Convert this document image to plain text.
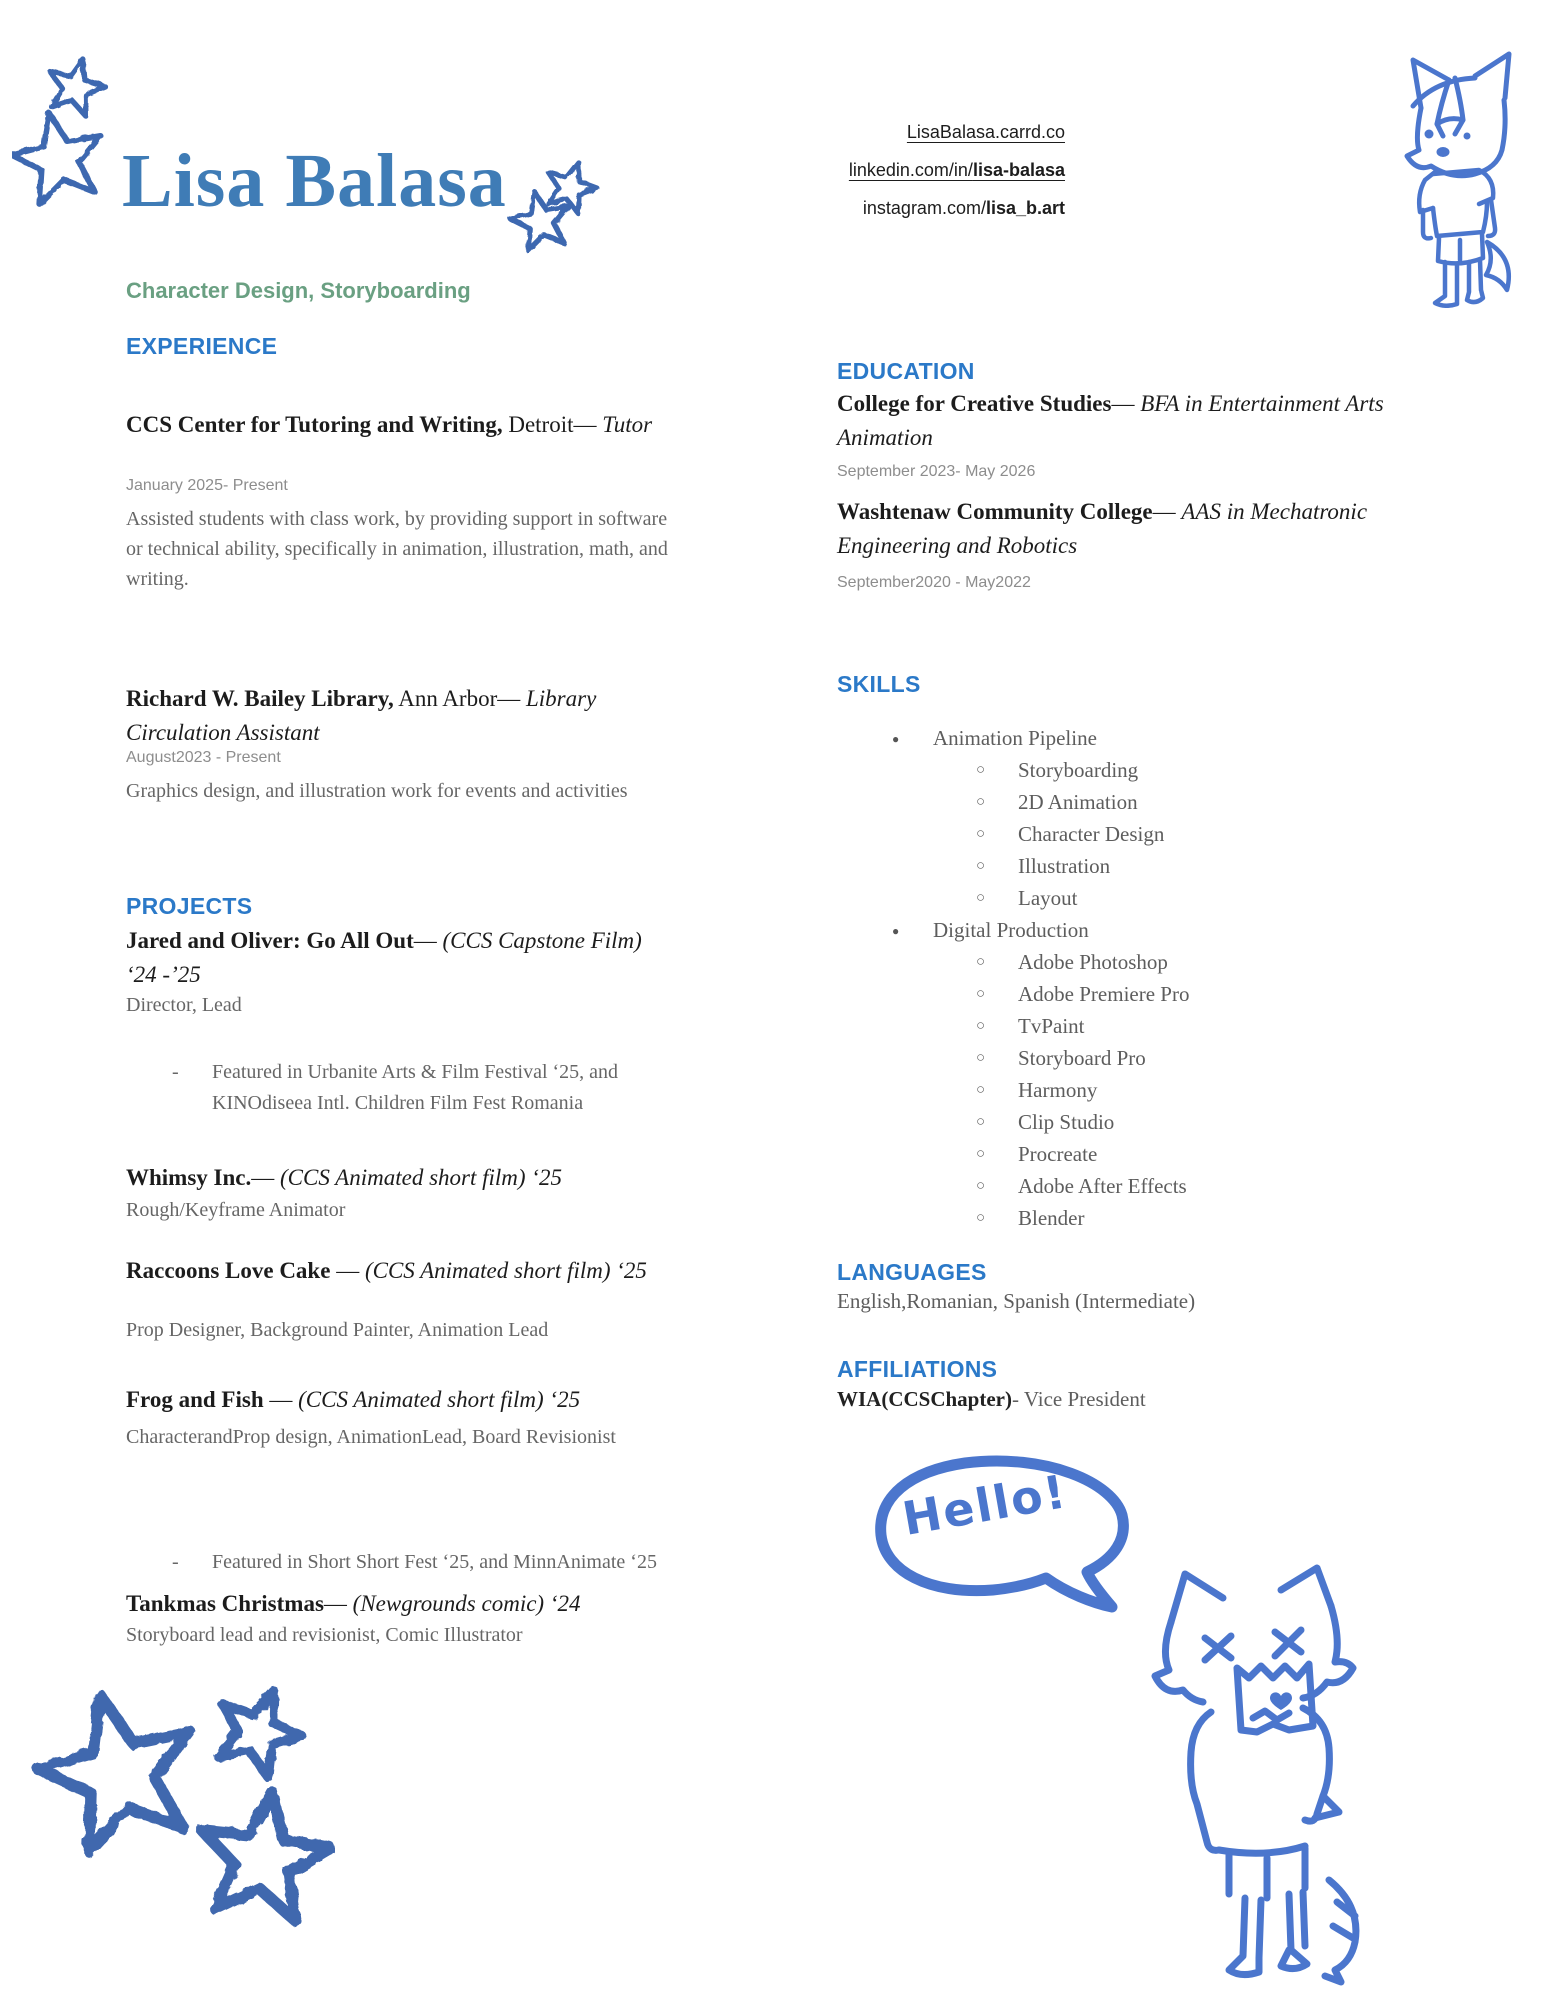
Lisa Balasa
Character Design, Storyboarding
LisaBalasa.carrd.co
linkedin.com/in/lisa-balasa
instagram.com/lisa_b.art
EXPERIENCE
CCS Center for Tutoring and Writing, Detroit— Tutor
January 2025- Present
Assisted students with class work, by providing support in software or technical ability, specifically in animation, illustration, math, and writing.
Richard W. Bailey Library, Ann Arbor— Library Circulation Assistant
August2023 - Present
Graphics design, and illustration work for events and activities
PROJECTS
Jared and Oliver: Go All Out— (CCS Capstone Film) ‘24 -’25
Director, Lead
- Featured in Urbanite Arts & Film Festival ‘25, and KINOdiseea Intl. Children Film Fest Romania
Whimsy Inc.— (CCS Animated short film) ‘25
Rough/Keyframe Animator
Raccoons Love Cake — (CCS Animated short film) ‘25
Prop Designer, Background Painter, Animation Lead
Frog and Fish — (CCS Animated short film) ‘25
CharacterandProp design, AnimationLead, Board Revisionist
- Featured in Short Short Fest ‘25, and MinnAnimate ‘25
Tankmas Christmas— (Newgrounds comic) ‘24
Storyboard lead and revisionist, Comic Illustrator
EDUCATION
College for Creative Studies— BFA in Entertainment Arts Animation
September 2023- May 2026
Washtenaw Community College— AAS in Mechatronic Engineering and Robotics
September2020 - May2022
SKILLS
● Animation Pipeline
○ Storyboarding
○ 2D Animation
○ Character Design
○ Illustration
○ Layout
● Digital Production
○ Adobe Photoshop
○ Adobe Premiere Pro
○ TvPaint
○ Storyboard Pro
○ Harmony
○ Clip Studio
○ Procreate
○ Adobe After Effects
○ Blender
LANGUAGES
English,Romanian, Spanish (Intermediate)
AFFILIATIONS
WIA(CCSChapter)- Vice President
Hello!
